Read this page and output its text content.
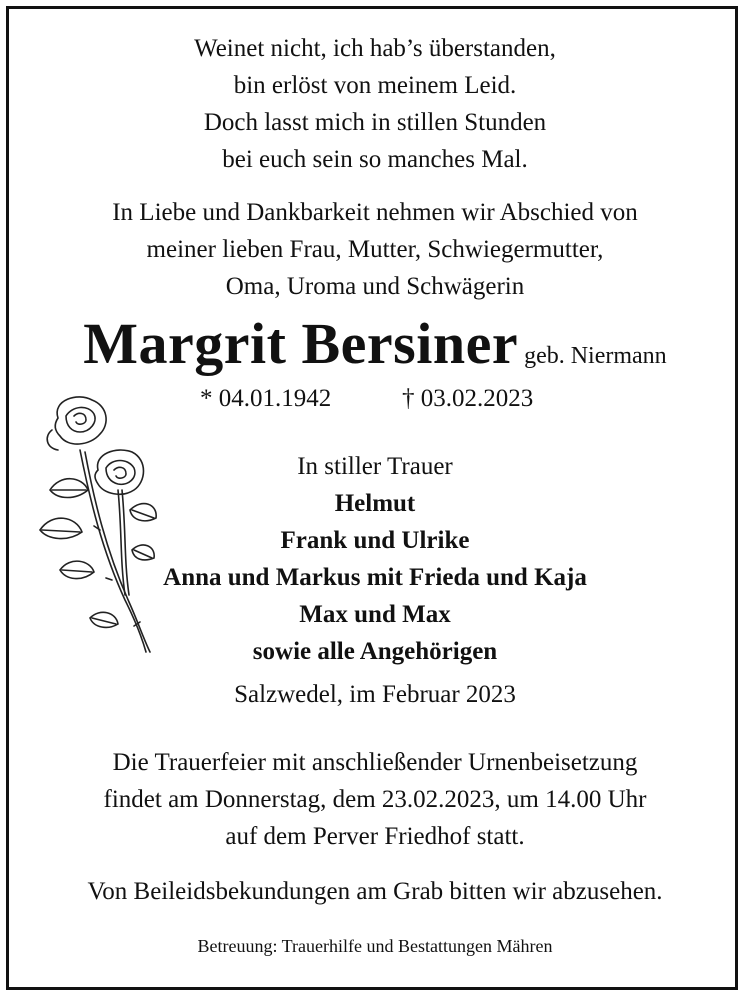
Weinet nicht, ich hab’s überstanden,
bin erlöst von meinem Leid.
Doch lasst mich in stillen Stunden
bei euch sein so manches Mal.
In Liebe und Dankbarkeit nehmen wir Abschied von
meiner lieben Frau, Mutter, Schwiegermutter,
Oma, Uroma und Schwägerin
Margrit Bersiner geb. Niermann
* 04.01.1942	† 03.02.2023
In stiller Trauer
Helmut
Frank und Ulrike
Anna und Markus mit Frieda und Kaja
Max und Max
sowie alle Angehörigen
Salzwedel, im Februar 2023
Die Trauerfeier mit anschließender Urnenbeisetzung
findet am Donnerstag, dem 23.02.2023, um 14.00 Uhr
auf dem Perver Friedhof statt.
Von Beileidsbekundungen am Grab bitten wir abzusehen.
Betreuung: Trauerhilfe und Bestattungen Mähren
